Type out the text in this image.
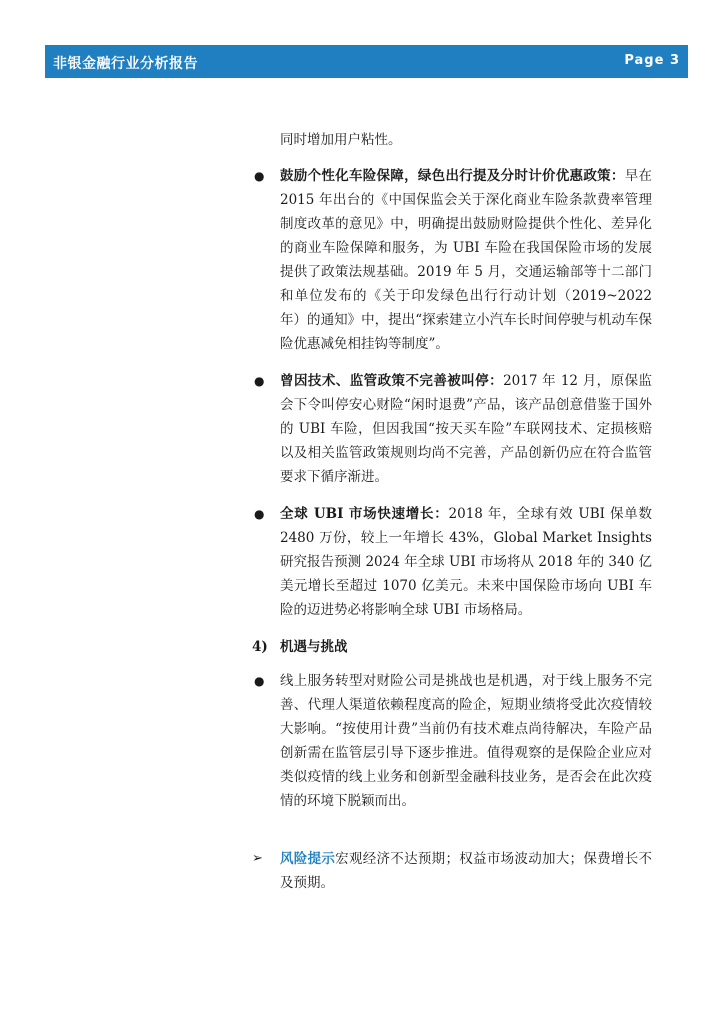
非银金融行业分析报告	Page 3

同时增加用户粘性。

● 鼓励个性化车险保障，绿色出行提及分时计价优惠政策：早在 2015 年出台的《中国保监会关于深化商业车险条款费率管理制度改革的意见》中，明确提出鼓励财险提供个性化、差异化的商业车险保障和服务，为 UBI 车险在我国保险市场的发展提供了政策法规基础。2019 年 5 月，交通运输部等十二部门和单位发布的《关于印发绿色出行行动计划（2019~2022 年）的通知》中，提出“探索建立小汽车长时间停驶与机动车保险优惠减免相挂钩等制度”。
● 曾因技术、监管政策不完善被叫停：2017 年 12 月，原保监会下令叫停安心财险“闲时退费”产品，该产品创意借鉴于国外的 UBI 车险，但因我国“按天买车险”车联网技术、定损核赔以及相关监管政策规则均尚不完善，产品创新仍应在符合监管要求下循序渐进。
● 全球 UBI 市场快速增长：2018 年，全球有效 UBI 保单数 2480 万份，较上一年增长 43%，Global Market Insights 研究报告预测 2024 年全球 UBI 市场将从 2018 年的 340 亿美元增长至超过 1070 亿美元。未来中国保险市场向 UBI 车险的迈进势必将影响全球 UBI 市场格局。
4) 机遇与挑战
● 线上服务转型对财险公司是挑战也是机遇，对于线上服务不完善、代理人渠道依赖程度高的险企，短期业绩将受此次疫情较大影响。“按使用计费”当前仍有技术难点尚待解决，车险产品创新需在监管层引导下逐步推进。值得观察的是保险企业应对类似疫情的线上业务和创新型金融科技业务，是否会在此次疫情的环境下脱颖而出。
➢ 风险提示宏观经济不达预期；权益市场波动加大；保费增长不及预期。
